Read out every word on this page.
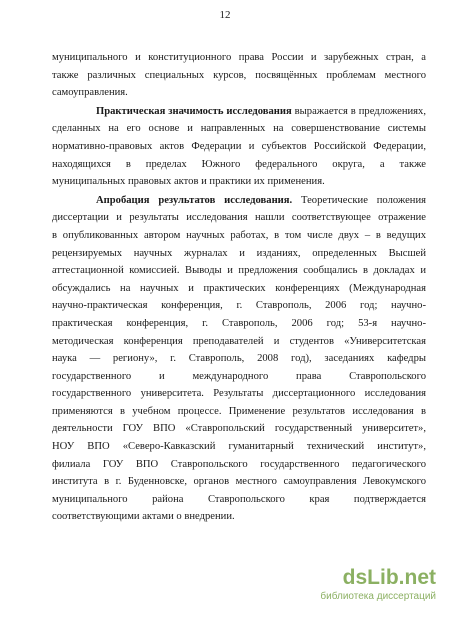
12
муниципального и конституционного права России и зарубежных стран, а
также различных специальных курсов, посвящённых проблемам местного
самоуправления.
Практическая значимость исследования выражается в предложениях,
сделанных на его основе и направленных на совершенствование системы
нормативно-правовых актов Федерации и субъектов Российской Федерации,
находящихся в пределах Южного федерального округа, а также
муниципальных правовых актов и практики их применения.
Апробация результатов исследования. Теоретические положения
диссертации и результаты исследования нашли соответствующее отражение
в опубликованных автором научных работах, в том числе двух – в ведущих
рецензируемых научных журналах и изданиях, определенных Высшей
аттестационной комиссией. Выводы и предложения сообщались в докладах и
обсуждались на научных и практических конференциях (Международная
научно-практическая конференция, г. Ставрополь, 2006 год; научно-
практическая конференция, г. Ставрополь, 2006 год; 53-я научно-
методическая конференция преподавателей и студентов «Университетская
наука — региону», г. Ставрополь, 2008 год), заседаниях кафедры
государственного и международного права Ставропольского
государственного университета. Результаты диссертационного исследования
применяются в учебном процессе. Применение результатов исследования в
деятельности ГОУ ВПО «Ставропольский государственный университет»,
НОУ ВПО «Северо-Кавказский гуманитарный технический институт»,
филиала ГОУ ВПО Ставропольского государственного педагогического
института в г. Буденновске, органов местного самоуправления Левокумского
муниципального района Ставропольского края подтверждается
соответствующими актами о внедрении.
dsLib.net
библиотека диссертаций
